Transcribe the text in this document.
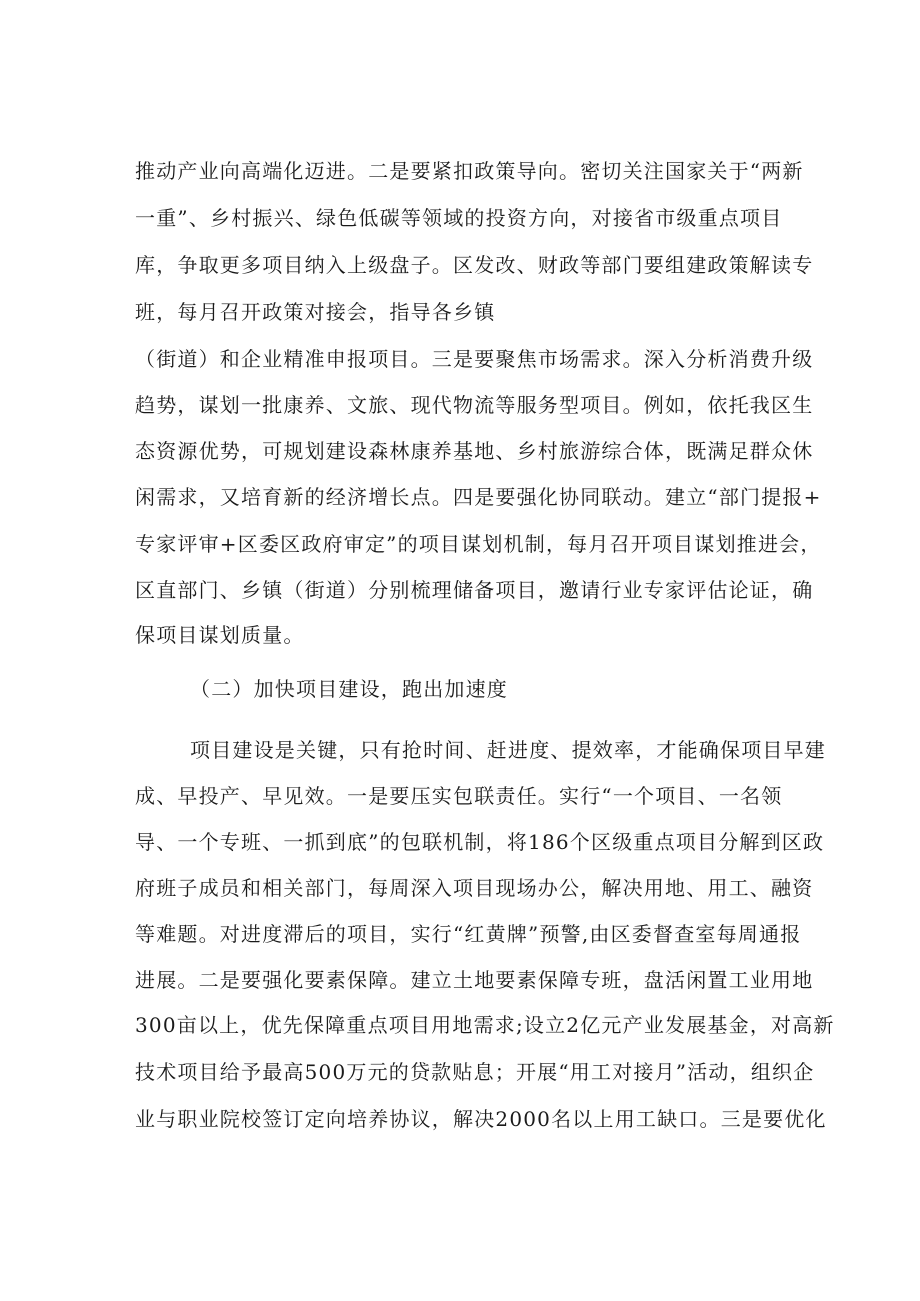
推动产业向高端化迈进。二是要紧扣政策导向。密切关注国家关于“两新
一重”、乡村振兴、绿色低碳等领域的投资方向，对接省市级重点项目
库，争取更多项目纳入上级盘子。区发改、财政等部门要组建政策解读专
班，每月召开政策对接会，指导各乡镇
（街道）和企业精准申报项目。三是要聚焦市场需求。深入分析消费升级
趋势，谋划一批康养、文旅、现代物流等服务型项目。例如，依托我区生
态资源优势，可规划建设森林康养基地、乡村旅游综合体，既满足群众休
闲需求，又培育新的经济增长点。四是要强化协同联动。建立“部门提报+
专家评审+区委区政府审定”的项目谋划机制，每月召开项目谋划推进会，
区直部门、乡镇（街道）分别梳理储备项目，邀请行业专家评估论证，确
保项目谋划质量。
（二）加快项目建设，跑出加速度
项目建设是关键，只有抢时间、赶进度、提效率，才能确保项目早建
成、早投产、早见效。一是要压实包联责任。实行“一个项目、一名领
导、一个专班、一抓到底”的包联机制，将186个区级重点项目分解到区政
府班子成员和相关部门，每周深入项目现场办公，解决用地、用工、融资
等难题。对进度滞后的项目，实行“红黄牌”预警,由区委督查室每周通报
进展。二是要强化要素保障。建立土地要素保障专班，盘活闲置工业用地
300亩以上，优先保障重点项目用地需求;设立2亿元产业发展基金，对高新
技术项目给予最高500万元的贷款贴息；开展“用工对接月”活动，组织企
业与职业院校签订定向培养协议，解决2000名以上用工缺口。三是要优化
